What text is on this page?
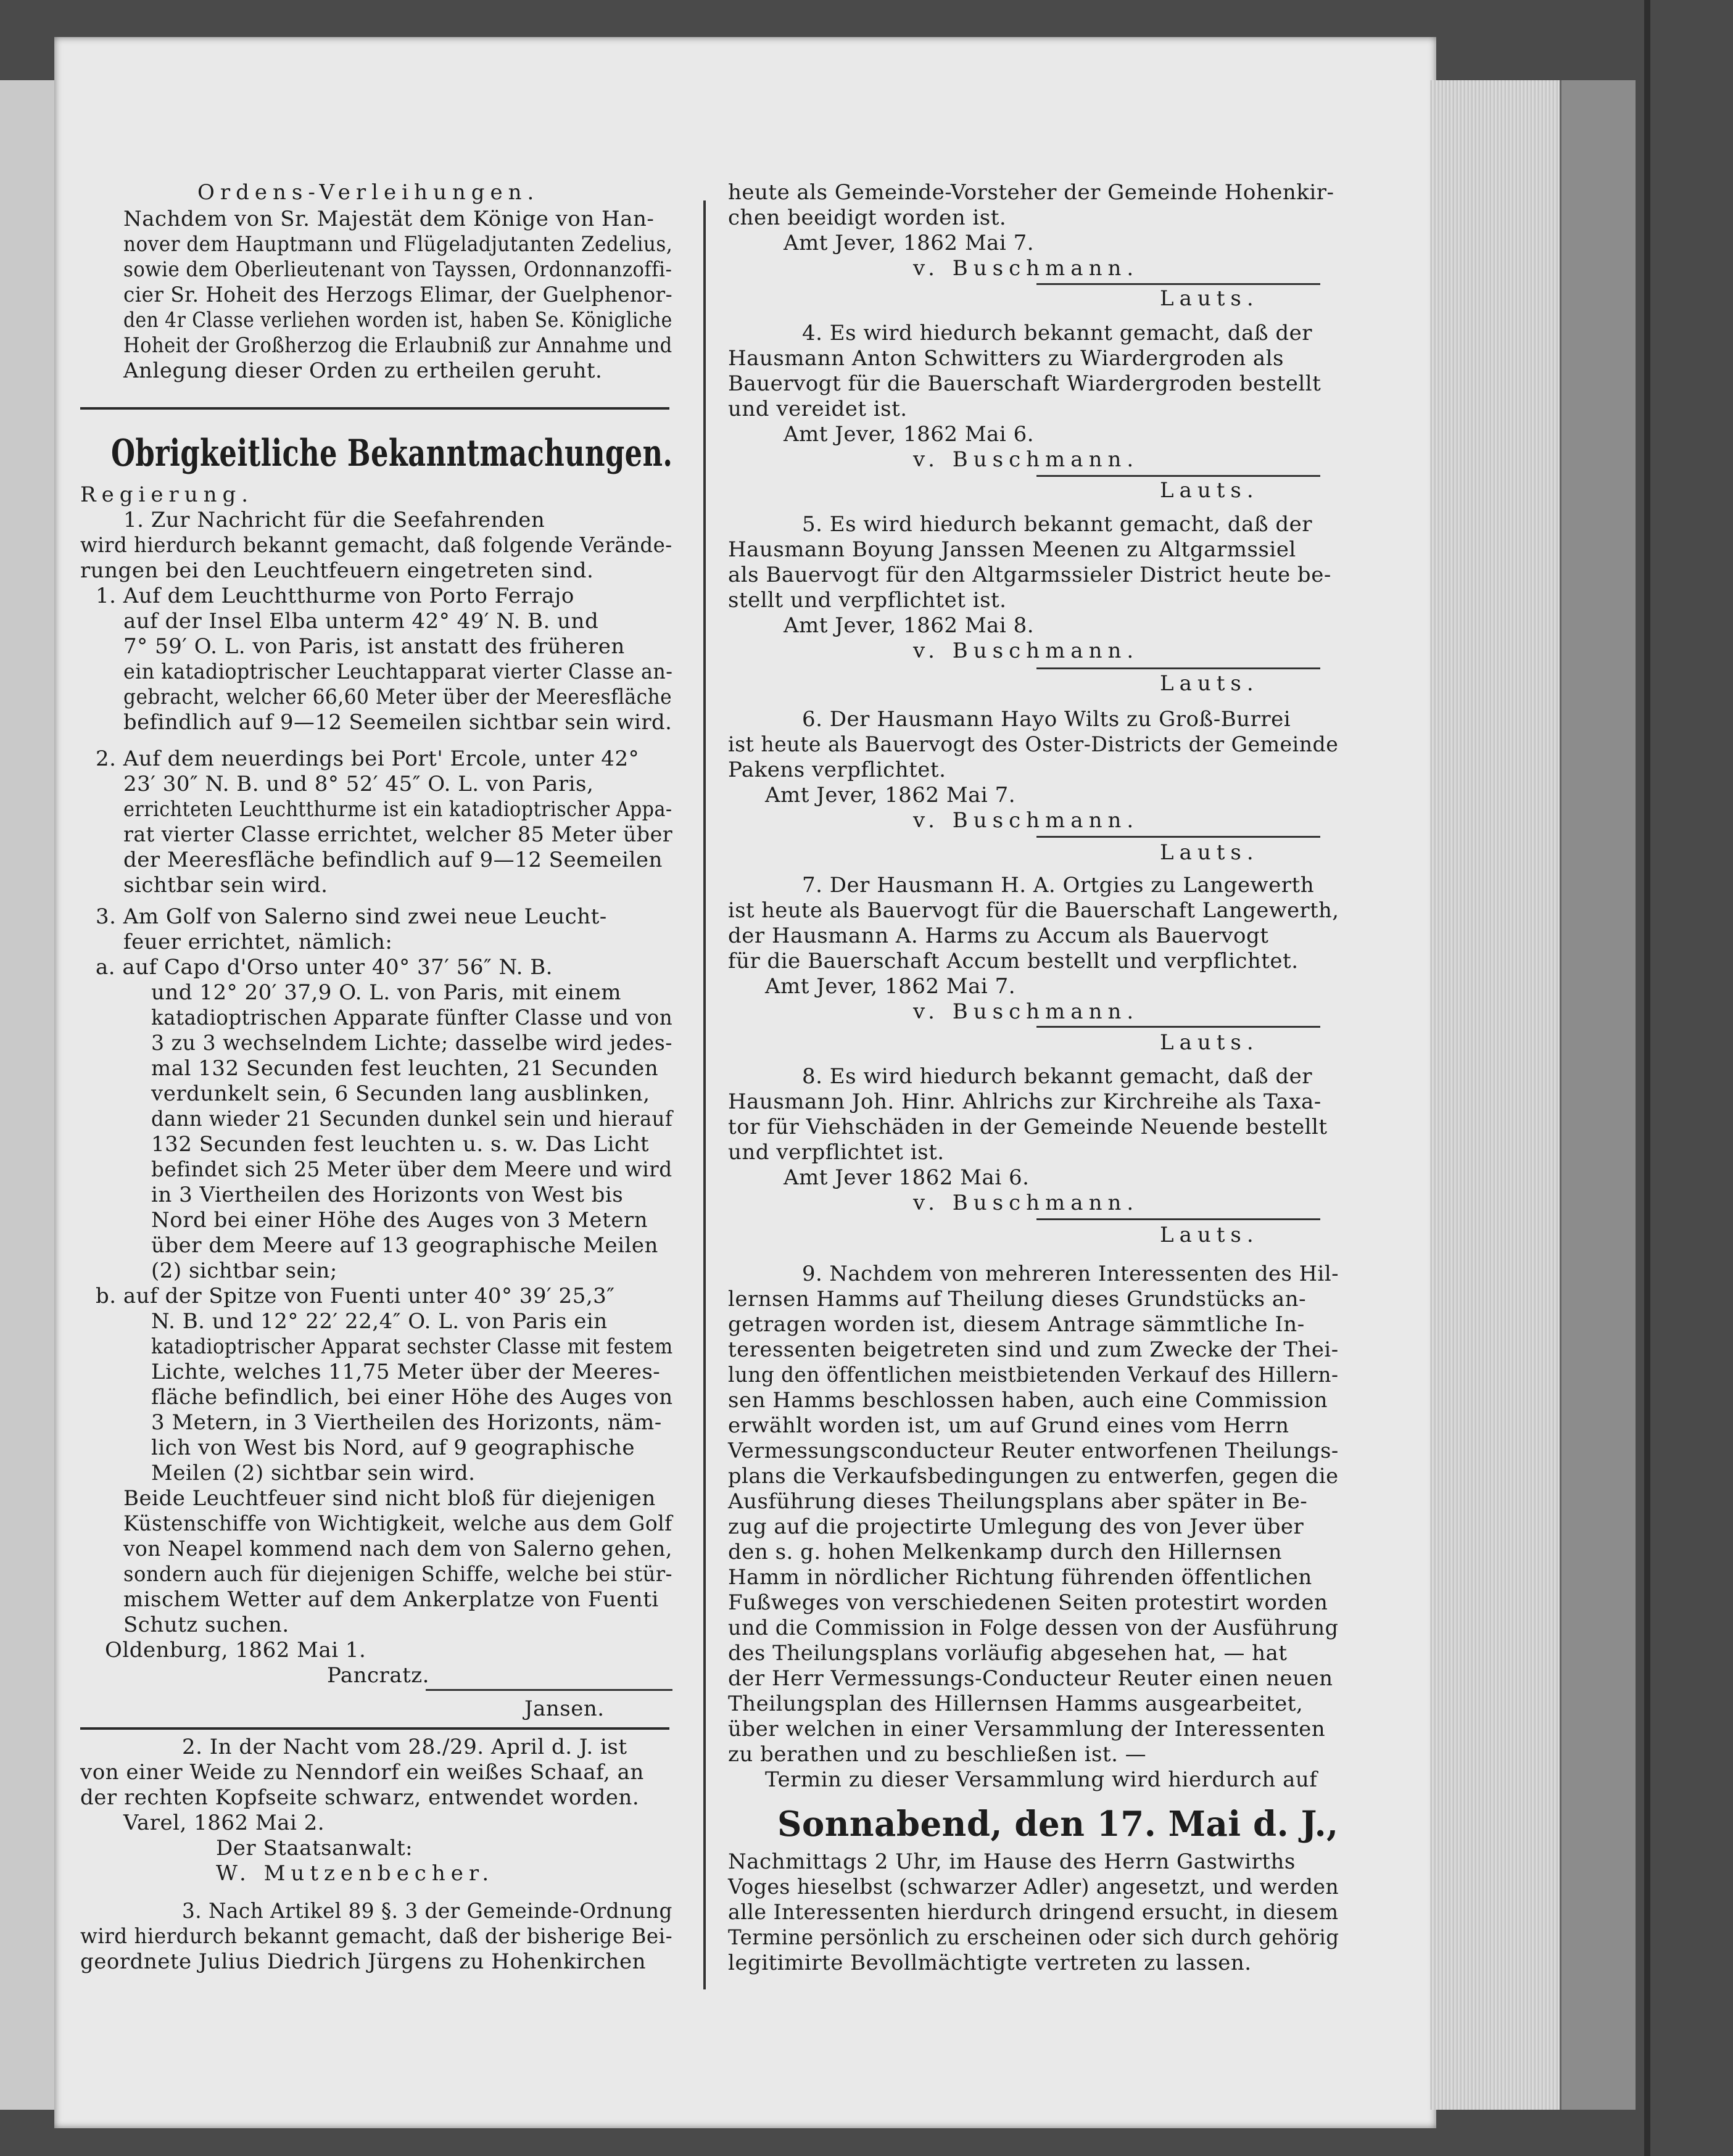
Ordens-Verleihungen.
Nachdem von Sr. Majestät dem Könige von Han-
nover dem Hauptmann und Flügeladjutanten Zedelius,
sowie dem Oberlieutenant von Tayssen, Ordonnanzoffi-
cier Sr. Hoheit des Herzogs Elimar, der Guelphenor-
den 4r Classe verliehen worden ist, haben Se. Königliche
Hoheit der Großherzog die Erlaubniß zur Annahme und
Anlegung dieser Orden zu ertheilen geruht.
Obrigkeitliche Bekanntmachungen.
Regierung.
1. Zur Nachricht für die Seefahrenden
wird hierdurch bekannt gemacht, daß folgende Verände-
rungen bei den Leuchtfeuern eingetreten sind.
1. Auf dem Leuchtthurme von Porto Ferrajo
auf der Insel Elba unterm 42° 49′ N. B. und
7° 59′ O. L. von Paris, ist anstatt des früheren
ein katadioptrischer Leuchtapparat vierter Classe an-
gebracht, welcher 66,60 Meter über der Meeresfläche
befindlich auf 9—12 Seemeilen sichtbar sein wird.
2. Auf dem neuerdings bei Port' Ercole, unter 42°
23′ 30″ N. B. und 8° 52′ 45″ O. L. von Paris,
errichteten Leuchtthurme ist ein katadioptrischer Appa-
rat vierter Classe errichtet, welcher 85 Meter über
der Meeresfläche befindlich auf 9—12 Seemeilen
sichtbar sein wird.
3. Am Golf von Salerno sind zwei neue Leucht-
feuer errichtet, nämlich:
a. auf Capo d'Orso unter 40° 37′ 56″ N. B.
und 12° 20′ 37,9 O. L. von Paris, mit einem
katadioptrischen Apparate fünfter Classe und von
3 zu 3 wechselndem Lichte; dasselbe wird jedes-
mal 132 Secunden fest leuchten, 21 Secunden
verdunkelt sein, 6 Secunden lang ausblinken,
dann wieder 21 Secunden dunkel sein und hierauf
132 Secunden fest leuchten u. s. w. Das Licht
befindet sich 25 Meter über dem Meere und wird
in 3 Viertheilen des Horizonts von West bis
Nord bei einer Höhe des Auges von 3 Metern
über dem Meere auf 13 geographische Meilen
(2) sichtbar sein;
b. auf der Spitze von Fuenti unter 40° 39′ 25,3″
N. B. und 12° 22′ 22,4″ O. L. von Paris ein
katadioptrischer Apparat sechster Classe mit festem
Lichte, welches 11,75 Meter über der Meeres-
fläche befindlich, bei einer Höhe des Auges von
3 Metern, in 3 Viertheilen des Horizonts, näm-
lich von West bis Nord, auf 9 geographische
Meilen (2) sichtbar sein wird.
Beide Leuchtfeuer sind nicht bloß für diejenigen
Küstenschiffe von Wichtigkeit, welche aus dem Golf
von Neapel kommend nach dem von Salerno gehen,
sondern auch für diejenigen Schiffe, welche bei stür-
mischem Wetter auf dem Ankerplatze von Fuenti
Schutz suchen.
Oldenburg, 1862 Mai 1.
Pancratz.
Jansen.
2. In der Nacht vom 28./29. April d. J. ist
von einer Weide zu Nenndorf ein weißes Schaaf, an
der rechten Kopfseite schwarz, entwendet worden.
Varel, 1862 Mai 2.
Der Staatsanwalt:
W. Mutzenbecher.
3. Nach Artikel 89 §. 3 der Gemeinde-Ordnung
wird hierdurch bekannt gemacht, daß der bisherige Bei-
geordnete Julius Diedrich Jürgens zu Hohenkirchen
heute als Gemeinde-Vorsteher der Gemeinde Hohenkir-
chen beeidigt worden ist.
Amt Jever, 1862 Mai 7.
v. Buschmann.
Lauts.
4. Es wird hiedurch bekannt gemacht, daß der
Hausmann Anton Schwitters zu Wiardergroden als
Bauervogt für die Bauerschaft Wiardergroden bestellt
und vereidet ist.
Amt Jever, 1862 Mai 6.
v. Buschmann.
Lauts.
5. Es wird hiedurch bekannt gemacht, daß der
Hausmann Boyung Janssen Meenen zu Altgarmssiel
als Bauervogt für den Altgarmssieler District heute be-
stellt und verpflichtet ist.
Amt Jever, 1862 Mai 8.
v. Buschmann.
Lauts.
6. Der Hausmann Hayo Wilts zu Groß-Burrei
ist heute als Bauervogt des Oster-Districts der Gemeinde
Pakens verpflichtet.
Amt Jever, 1862 Mai 7.
v. Buschmann.
Lauts.
7. Der Hausmann H. A. Ortgies zu Langewerth
ist heute als Bauervogt für die Bauerschaft Langewerth,
der Hausmann A. Harms zu Accum als Bauervogt
für die Bauerschaft Accum bestellt und verpflichtet.
Amt Jever, 1862 Mai 7.
v. Buschmann.
Lauts.
8. Es wird hiedurch bekannt gemacht, daß der
Hausmann Joh. Hinr. Ahlrichs zur Kirchreihe als Taxa-
tor für Viehschäden in der Gemeinde Neuende bestellt
und verpflichtet ist.
Amt Jever 1862 Mai 6.
v. Buschmann.
Lauts.
9. Nachdem von mehreren Interessenten des Hil-
lernsen Hamms auf Theilung dieses Grundstücks an-
getragen worden ist, diesem Antrage sämmtliche In-
teressenten beigetreten sind und zum Zwecke der Thei-
lung den öffentlichen meistbietenden Verkauf des Hillern-
sen Hamms beschlossen haben, auch eine Commission
erwählt worden ist, um auf Grund eines vom Herrn
Vermessungsconducteur Reuter entworfenen Theilungs-
plans die Verkaufsbedingungen zu entwerfen, gegen die
Ausführung dieses Theilungsplans aber später in Be-
zug auf die projectirte Umlegung des von Jever über
den s. g. hohen Melkenkamp durch den Hillernsen
Hamm in nördlicher Richtung führenden öffentlichen
Fußweges von verschiedenen Seiten protestirt worden
und die Commission in Folge dessen von der Ausführung
des Theilungsplans vorläufig abgesehen hat, — hat
der Herr Vermessungs-Conducteur Reuter einen neuen
Theilungsplan des Hillernsen Hamms ausgearbeitet,
über welchen in einer Versammlung der Interessenten
zu berathen und zu beschließen ist. —
Termin zu dieser Versammlung wird hierdurch auf
Sonnabend, den 17. Mai d. J.,
Nachmittags 2 Uhr, im Hause des Herrn Gastwirths
Voges hieselbst (schwarzer Adler) angesetzt, und werden
alle Interessenten hierdurch dringend ersucht, in diesem
Termine persönlich zu erscheinen oder sich durch gehörig
legitimirte Bevollmächtigte vertreten zu lassen.
